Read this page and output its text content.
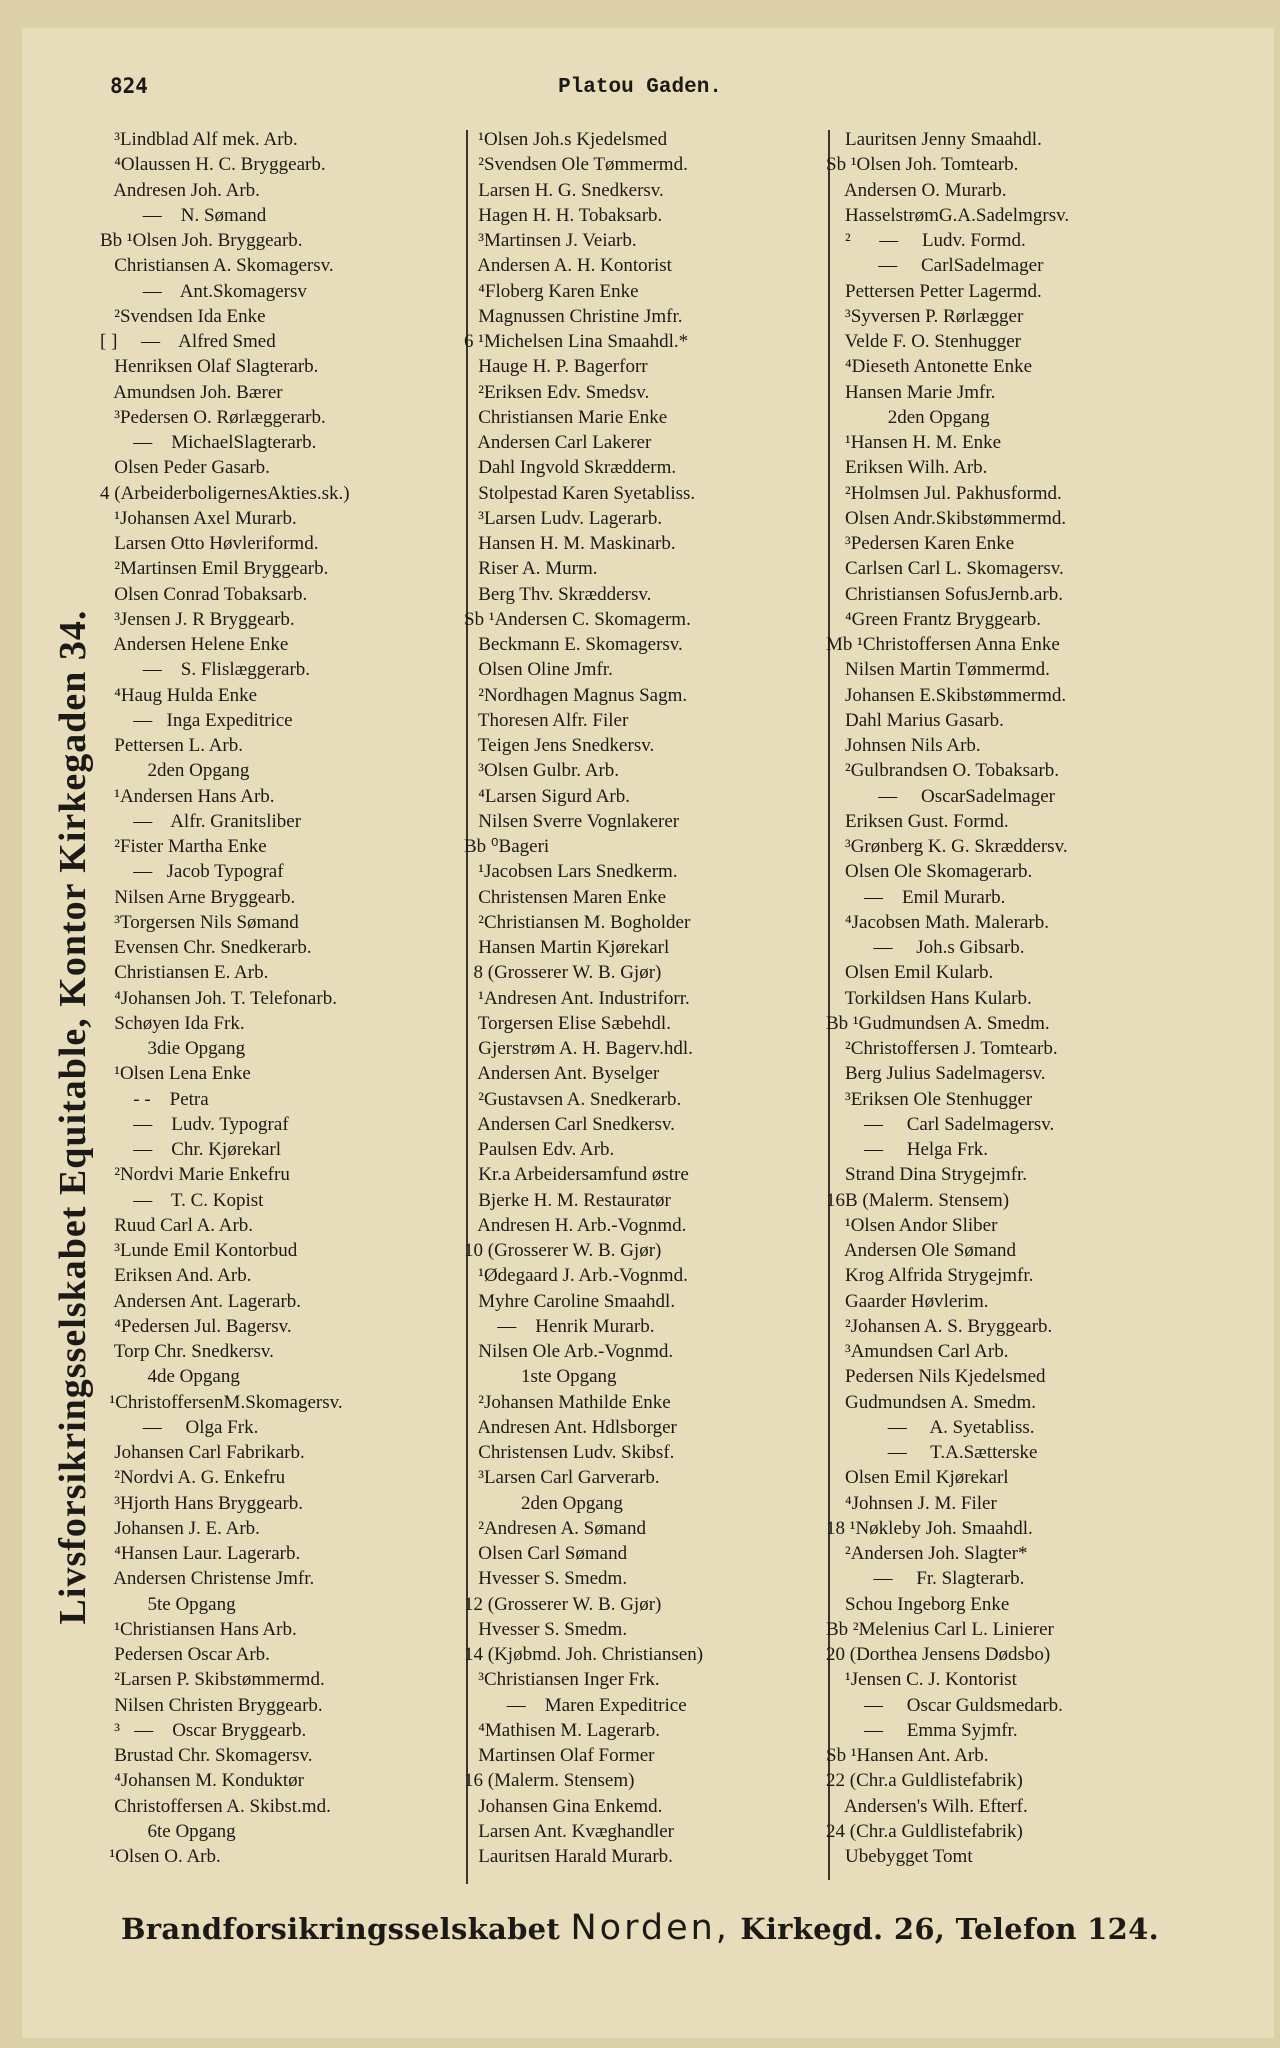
824	Platou Gaden.
Livsforsikringsselskabet Equitable, Kontor Kirkegaden 34.
³Lindblad Alf mek. Arb.
⁴Olaussen H. C. Bryggearb.
Andresen Joh. Arb.
—    N. Sømand
Bb ¹Olsen Joh. Bryggearb.
Christiansen A. Skomagersv.
—    Ant.Skomagersv
²Svendsen Ida Enke
[ ]     —    Alfred Smed
Henriksen Olaf Slagterarb.
Amundsen Joh. Bærer
³Pedersen O. Rørlæggerarb.
—    MichaelSlagterarb.
Olsen Peder Gasarb.
4 (ArbeiderboligernesAkties.sk.)
¹Johansen Axel Murarb.
Larsen Otto Høvleriformd.
²Martinsen Emil Bryggearb.
Olsen Conrad Tobaksarb.
³Jensen J. R Bryggearb.
Andersen Helene Enke
—    S. Flislæggerarb.
⁴Haug Hulda Enke
—   Inga Expeditrice
Pettersen L. Arb.
2den Opgang
¹Andersen Hans Arb.
—    Alfr. Granitsliber
²Fister Martha Enke
—   Jacob Typograf
Nilsen Arne Bryggearb.
³Torgersen Nils Sømand
Evensen Chr. Snedkerarb.
Christiansen E. Arb.
⁴Johansen Joh. T. Telefonarb.
Schøyen Ida Frk.
3die Opgang
¹Olsen Lena Enke
- -    Petra
—    Ludv. Typograf
—    Chr. Kjørekarl
²Nordvi Marie Enkefru
—    T. C. Kopist
Ruud Carl A. Arb.
³Lunde Emil Kontorbud
Eriksen And. Arb.
Andersen Ant. Lagerarb.
⁴Pedersen Jul. Bagersv.
Torp Chr. Snedkersv.
4de Opgang
¹ChristoffersenM.Skomagersv.
—     Olga Frk.
Johansen Carl Fabrikarb.
²Nordvi A. G. Enkefru
³Hjorth Hans Bryggearb.
Johansen J. E. Arb.
⁴Hansen Laur. Lagerarb.
Andersen Christense Jmfr.
5te Opgang
¹Christiansen Hans Arb.
Pedersen Oscar Arb.
²Larsen P. Skibstømmermd.
Nilsen Christen Bryggearb.
³   —    Oscar Bryggearb.
Brustad Chr. Skomagersv.
⁴Johansen M. Konduktør
Christoffersen A. Skibst.md.
6te Opgang
¹Olsen O. Arb.
¹Olsen Joh.s Kjedelsmed
²Svendsen Ole Tømmermd.
Larsen H. G. Snedkersv.
Hagen H. H. Tobaksarb.
³Martinsen J. Veiarb.
Andersen A. H. Kontorist
⁴Floberg Karen Enke
Magnussen Christine Jmfr.
6 ¹Michelsen Lina Smaahdl.*
Hauge H. P. Bagerforr
²Eriksen Edv. Smedsv.
Christiansen Marie Enke
Andersen Carl Lakerer
Dahl Ingvold Skrædderm.
Stolpestad Karen Syetabliss.
³Larsen Ludv. Lagerarb.
Hansen H. M. Maskinarb.
Riser A. Murm.
Berg Thv. Skræddersv.
Sb ¹Andersen C. Skomagerm.
Beckmann E. Skomagersv.
Olsen Oline Jmfr.
²Nordhagen Magnus Sagm.
Thoresen Alfr. Filer
Teigen Jens Snedkersv.
³Olsen Gulbr. Arb.
⁴Larsen Sigurd Arb.
Nilsen Sverre Vognlakerer
Bb ⁰Bageri
¹Jacobsen Lars Snedkerm.
Christensen Maren Enke
²Christiansen M. Bogholder
Hansen Martin Kjørekarl
8 (Grosserer W. B. Gjør)
¹Andresen Ant. Industriforr.
Torgersen Elise Sæbehdl.
Gjerstrøm A. H. Bagerv.hdl.
Andersen Ant. Byselger
²Gustavsen A. Snedkerarb.
Andersen Carl Snedkersv.
Paulsen Edv. Arb.
Kr.a Arbeidersamfund østre
Bjerke H. M. Restauratør
Andresen H. Arb.-Vognmd.
10 (Grosserer W. B. Gjør)
¹Ødegaard J. Arb.-Vognmd.
Myhre Caroline Smaahdl.
—    Henrik Murarb.
Nilsen Ole Arb.-Vognmd.
1ste Opgang
²Johansen Mathilde Enke
Andresen Ant. Hdlsborger
Christensen Ludv. Skibsf.
³Larsen Carl Garverarb.
2den Opgang
²Andresen A. Sømand
Olsen Carl Sømand
Hvesser S. Smedm.
12 (Grosserer W. B. Gjør)
Hvesser S. Smedm.
14 (Kjøbmd. Joh. Christiansen)
³Christiansen Inger Frk.
—    Maren Expeditrice
⁴Mathisen M. Lagerarb.
Martinsen Olaf Former
16 (Malerm. Stensem)
Johansen Gina Enkemd.
Larsen Ant. Kvæghandler
Lauritsen Harald Murarb.
Lauritsen Jenny Smaahdl.
Sb ¹Olsen Joh. Tomtearb.
Andersen O. Murarb.
HasselstrømG.A.Sadelmgrsv.
²      —     Ludv. Formd.
—     CarlSadelmager
Pettersen Petter Lagermd.
³Syversen P. Rørlægger
Velde F. O. Stenhugger
⁴Dieseth Antonette Enke
Hansen Marie Jmfr.
2den Opgang
¹Hansen H. M. Enke
Eriksen Wilh. Arb.
²Holmsen Jul. Pakhusformd.
Olsen Andr.Skibstømmermd.
³Pedersen Karen Enke
Carlsen Carl L. Skomagersv.
Christiansen SofusJernb.arb.
⁴Green Frantz Bryggearb.
Mb ¹Christoffersen Anna Enke
Nilsen Martin Tømmermd.
Johansen E.Skibstømmermd.
Dahl Marius Gasarb.
Johnsen Nils Arb.
²Gulbrandsen O. Tobaksarb.
—     OscarSadelmager
Eriksen Gust. Formd.
³Grønberg K. G. Skræddersv.
Olsen Ole Skomagerarb.
—    Emil Murarb.
⁴Jacobsen Math. Malerarb.
—     Joh.s Gibsarb.
Olsen Emil Kularb.
Torkildsen Hans Kularb.
Bb ¹Gudmundsen A. Smedm.
²Christoffersen J. Tomtearb.
Berg Julius Sadelmagersv.
³Eriksen Ole Stenhugger
—     Carl Sadelmagersv.
—     Helga Frk.
Strand Dina Strygejmfr.
16B (Malerm. Stensem)
¹Olsen Andor Sliber
Andersen Ole Sømand
Krog Alfrida Strygejmfr.
Gaarder Høvlerim.
²Johansen A. S. Bryggearb.
³Amundsen Carl Arb.
Pedersen Nils Kjedelsmed
Gudmundsen A. Smedm.
—     A. Syetabliss.
—     T.A.Sætterske
Olsen Emil Kjørekarl
⁴Johnsen J. M. Filer
18 ¹Nøkleby Joh. Smaahdl.
²Andersen Joh. Slagter*
—     Fr. Slagterarb.
Schou Ingeborg Enke
Bb ²Melenius Carl L. Linierer
20 (Dorthea Jensens Dødsbo)
¹Jensen C. J. Kontorist
—     Oscar Guldsmedarb.
—     Emma Syjmfr.
Sb ¹Hansen Ant. Arb.
22 (Chr.a Guldlistefabrik)
Andersen's Wilh. Efterf.
24 (Chr.a Guldlistefabrik)
Ubebygget Tomt
Brandforsikringsselskabet Norden, Kirkegd. 26, Telefon 124.
